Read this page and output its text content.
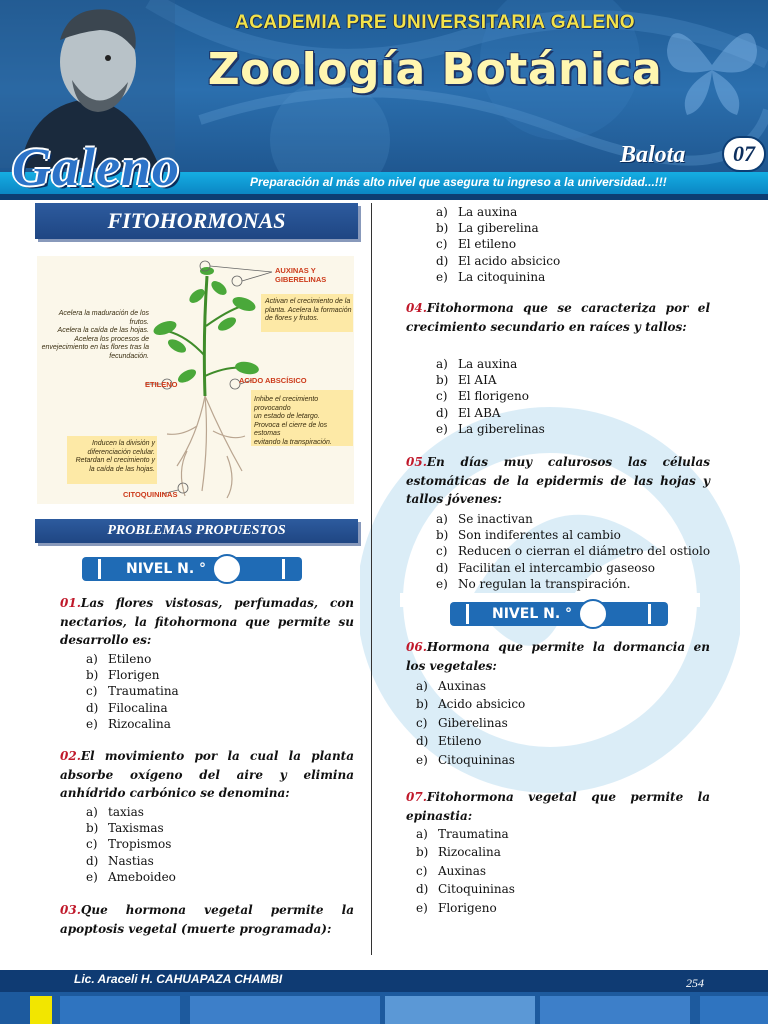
ACADEMIA PRE UNIVERSITARIA GALENO
Zoología Botánica
Preparación al más alto nivel que asegura tu ingreso a la universidad...!!!
Galeno	Balota	07
FITOHORMONAS
AUXINAS Y
GIBERELINAS
ETILENO	ACIDO ABSCÍSICO
CITOQUININAS
Acelera la maduración de los frutos.
Acelera la caída de las hojas.
Acelera los procesos de
envejecimiento en las flores tras la
fecundación.
Activan el crecimiento de la
planta. Acelera la formación
de flores y frutos.
Inhibe el crecimiento provocando
un estado de letargo.
Provoca el cierre de los estomas
evitando la transpiración.
Inducen la división y
diferenciación celular.
Retardan el crecimiento y
la caída de las hojas.
PROBLEMAS PROPUESTOS
NIVEL N. °
01.Las flores vistosas, perfumadas, con nectarios, la fitohormona que permite su desarrollo es:
a) Etileno
b) Florigen
c) Traumatina
d) Filocalina
e) Rizocalina
02.El movimiento por la cual la planta absorbe oxígeno del aire y elimina anhídrido carbónico se denomina:
a) taxias
b) Taxismas
c) Tropismos
d) Nastias
e) Ameboideo
03.Que hormona vegetal permite la apoptosis vegetal (muerte programada):
a) La auxina
b) La giberelina
c) El etileno
d) El acido absicico
e) La citoquinina
04.Fitohormona que se caracteriza por el crecimiento secundario en raíces y tallos:
a) La auxina
b) El AIA
c) El florigeno
d) El ABA
e) La giberelinas
05.En días muy calurosos las células estomáticas de la epidermis de las hojas y tallos jóvenes:
a) Se inactivan
b) Son indiferentes al cambio
c) Reducen o cierran el diámetro del ostiolo
d) Facilitan el intercambio gaseoso
e) No regulan la transpiración.
NIVEL N. °
06.Hormona que permite la dormancia en los vegetales:
a) Auxinas
b) Acido absicico
c) Giberelinas
d) Etileno
e) Citoquininas
07.Fitohormona vegetal que permite la epinastia:
a) Traumatina
b) Rizocalina
c) Auxinas
d) Citoquininas
e) Florigeno
Lic. Araceli H. CAHUAPAZA CHAMBI	254
